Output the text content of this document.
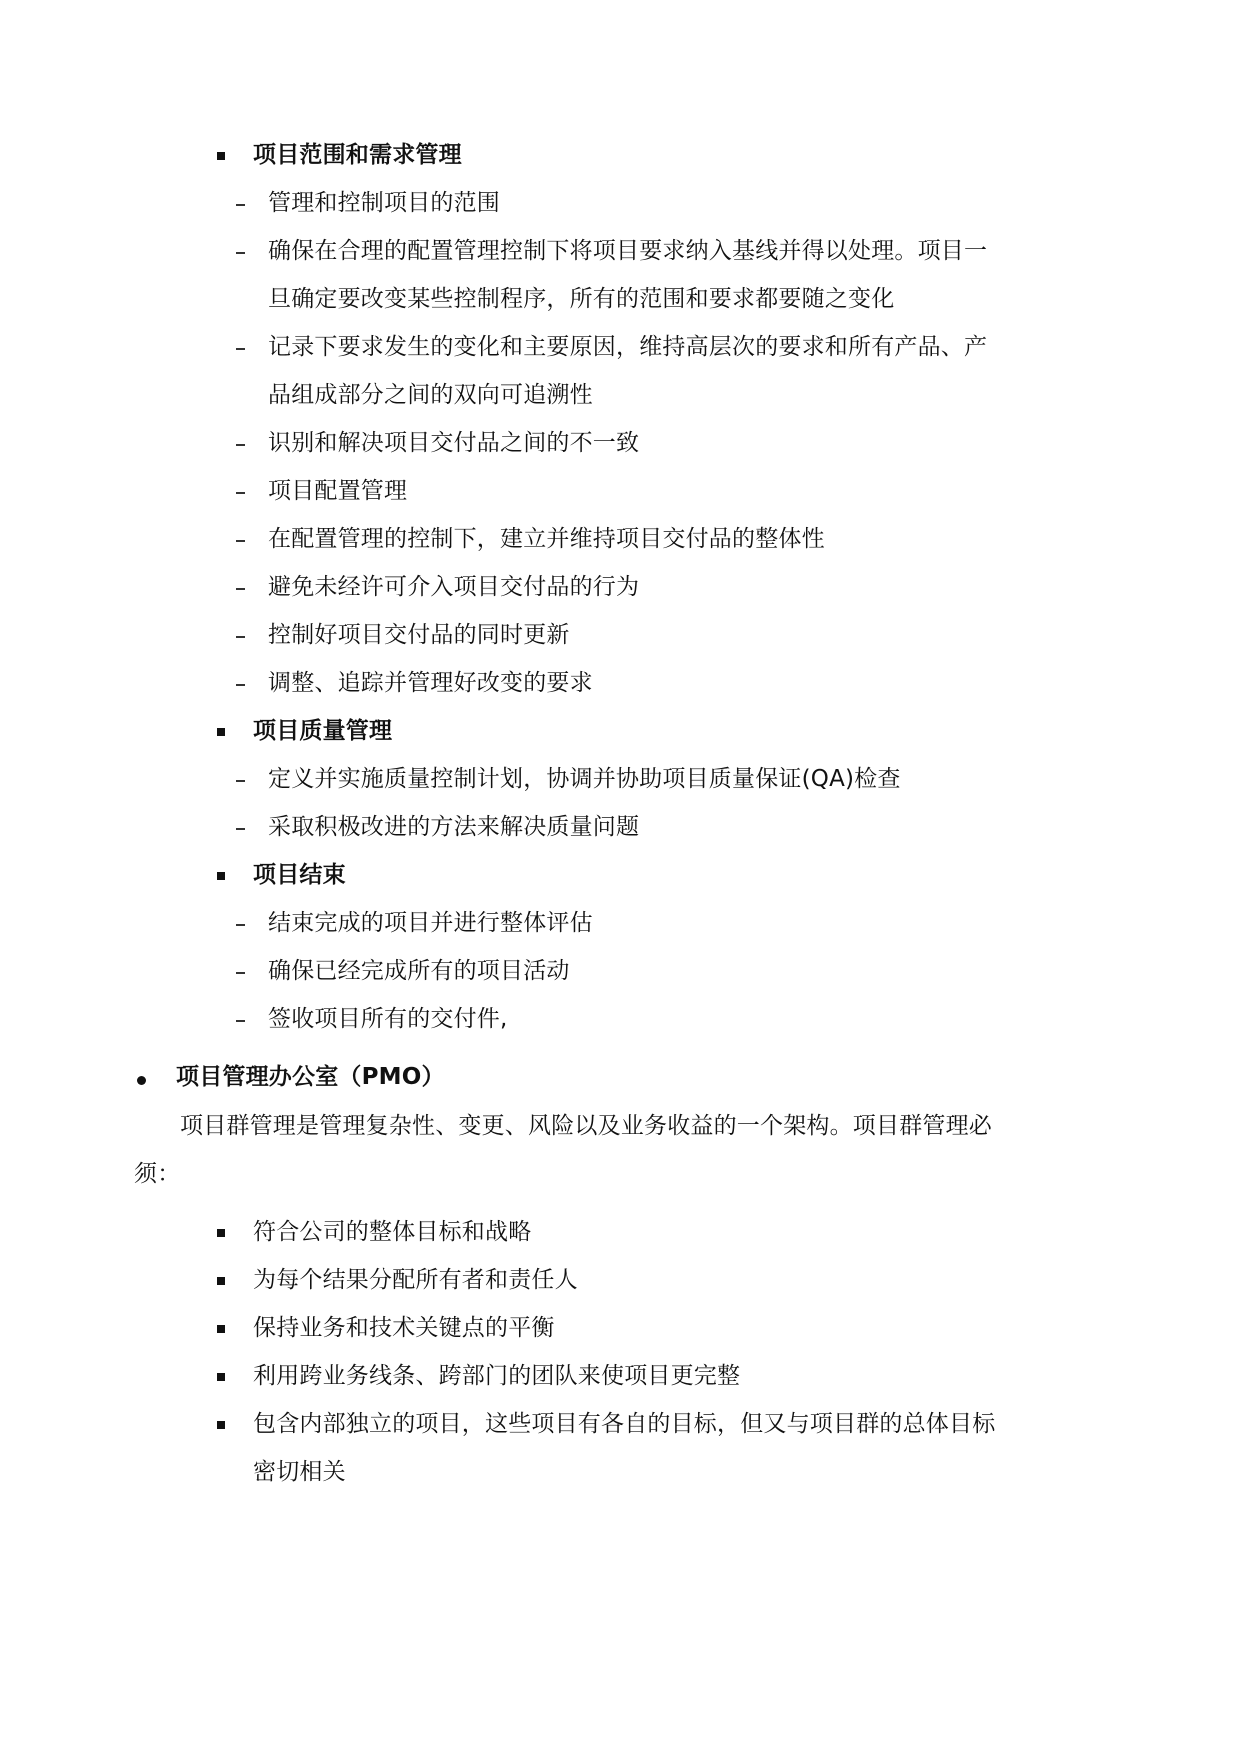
项目范围和需求管理
管理和控制项目的范围
确保在合理的配置管理控制下将项目要求纳入基线并得以处理。项目一
旦确定要改变某些控制程序，所有的范围和要求都要随之变化
记录下要求发生的变化和主要原因，维持高层次的要求和所有产品、产
品组成部分之间的双向可追溯性
识别和解决项目交付品之间的不一致
项目配置管理
在配置管理的控制下，建立并维持项目交付品的整体性
避免未经许可介入项目交付品的行为
控制好项目交付品的同时更新
调整、追踪并管理好改变的要求
项目质量管理
定义并实施质量控制计划，协调并协助项目质量保证(QA)检查
采取积极改进的方法来解决质量问题
项目结束
结束完成的项目并进行整体评估
确保已经完成所有的项目活动
签收项目所有的交付件,
项目管理办公室（PMO）
项目群管理是管理复杂性、变更、风险以及业务收益的一个架构。项目群管理必
须：
符合公司的整体目标和战略
为每个结果分配所有者和责任人
保持业务和技术关键点的平衡
利用跨业务线条、跨部门的团队来使项目更完整
包含内部独立的项目，这些项目有各自的目标，但又与项目群的总体目标
密切相关
